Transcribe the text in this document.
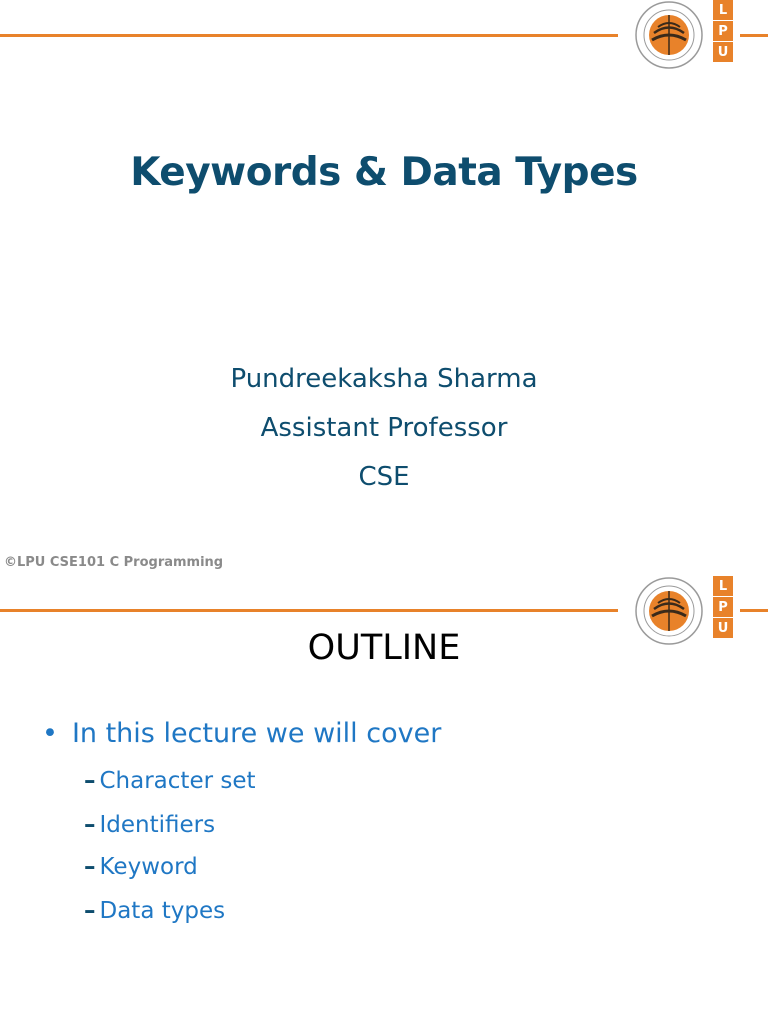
L
P
U
Keywords & Data Types
Pundreekaksha Sharma
Assistant Professor
CSE
©LPU CSE101 C Programming
L
P
U
OUTLINE
• In this lecture we will cover
– Character set
– Identifiers
– Keyword
– Data types
